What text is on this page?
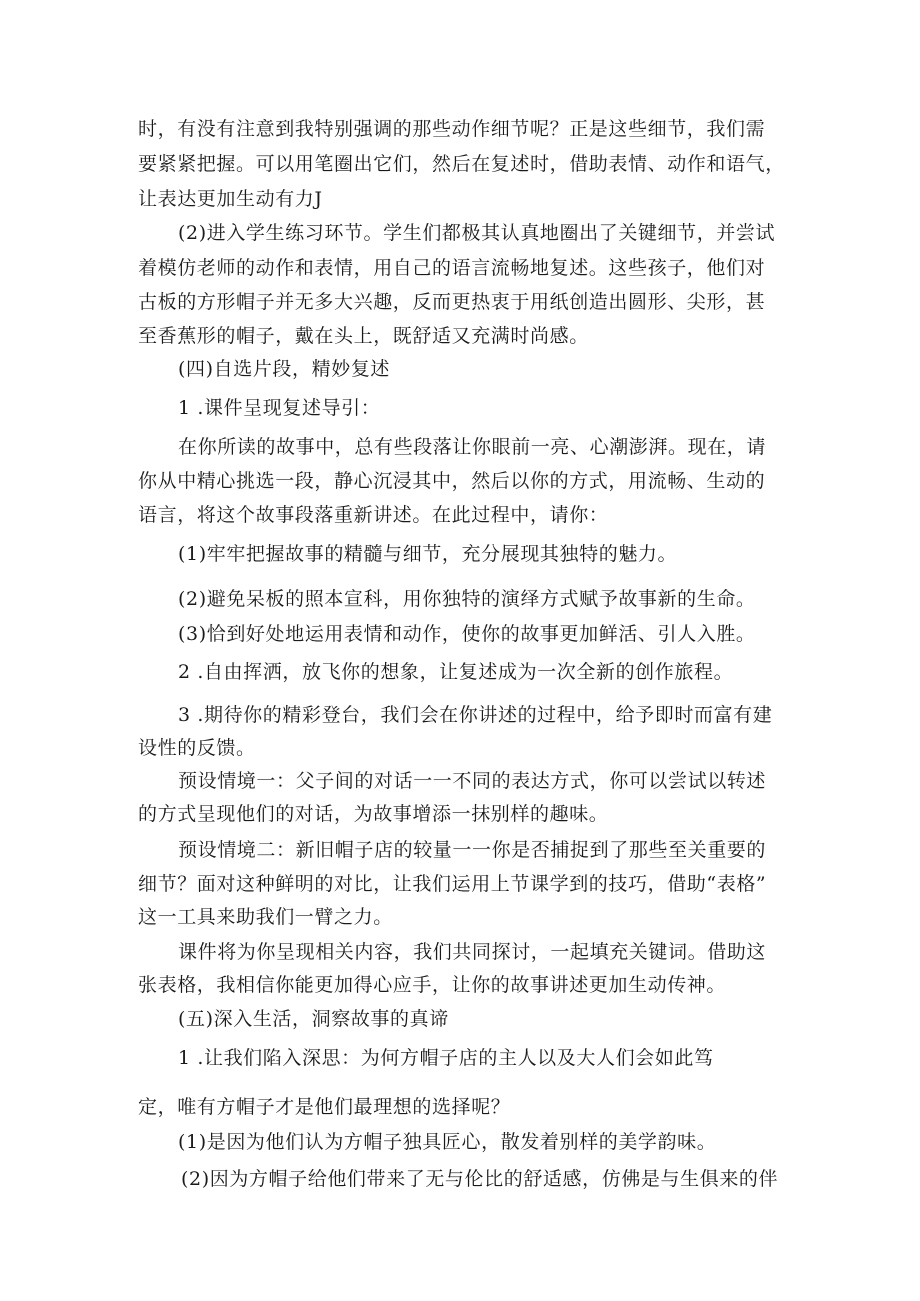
时，有没有注意到我特别强调的那些动作细节呢？正是这些细节，我们需
要紧紧把握。可以用笔圈出它们，然后在复述时，借助表情、动作和语气，
让表达更加生动有力J
(2)进入学生练习环节。学生们都极其认真地圈出了关键细节，并尝试
着模仿老师的动作和表情，用自己的语言流畅地复述。这些孩子，他们对
古板的方形帽子并无多大兴趣，反而更热衷于用纸创造出圆形、尖形，甚
至香蕉形的帽子，戴在头上，既舒适又充满时尚感。
(四)自选片段，精妙复述
1 .课件呈现复述导引：
在你所读的故事中，总有些段落让你眼前一亮、心潮澎湃。现在，请
你从中精心挑选一段，静心沉浸其中，然后以你的方式，用流畅、生动的
语言，将这个故事段落重新讲述。在此过程中，请你：
(1)牢牢把握故事的精髓与细节，充分展现其独特的魅力。
(2)避免呆板的照本宣科，用你独特的演绎方式赋予故事新的生命。
(3)恰到好处地运用表情和动作，使你的故事更加鲜活、引人入胜。
2 .自由挥洒，放飞你的想象，让复述成为一次全新的创作旅程。
3 .期待你的精彩登台，我们会在你讲述的过程中，给予即时而富有建
设性的反馈。
预设情境一：父子间的对话一一不同的表达方式，你可以尝试以转述
的方式呈现他们的对话，为故事增添一抹别样的趣味。
预设情境二：新旧帽子店的较量一一你是否捕捉到了那些至关重要的
细节？面对这种鲜明的对比，让我们运用上节课学到的技巧，借助“表格”
这一工具来助我们一臂之力。
课件将为你呈现相关内容，我们共同探讨，一起填充关键词。借助这
张表格，我相信你能更加得心应手，让你的故事讲述更加生动传神。
(五)深入生活，洞察故事的真谛
1 .让我们陷入深思：为何方帽子店的主人以及大人们会如此笃
定，唯有方帽子才是他们最理想的选择呢？
(1)是因为他们认为方帽子独具匠心，散发着别样的美学韵味。
(2)因为方帽子给他们带来了无与伦比的舒适感，仿佛是与生俱来的伴
